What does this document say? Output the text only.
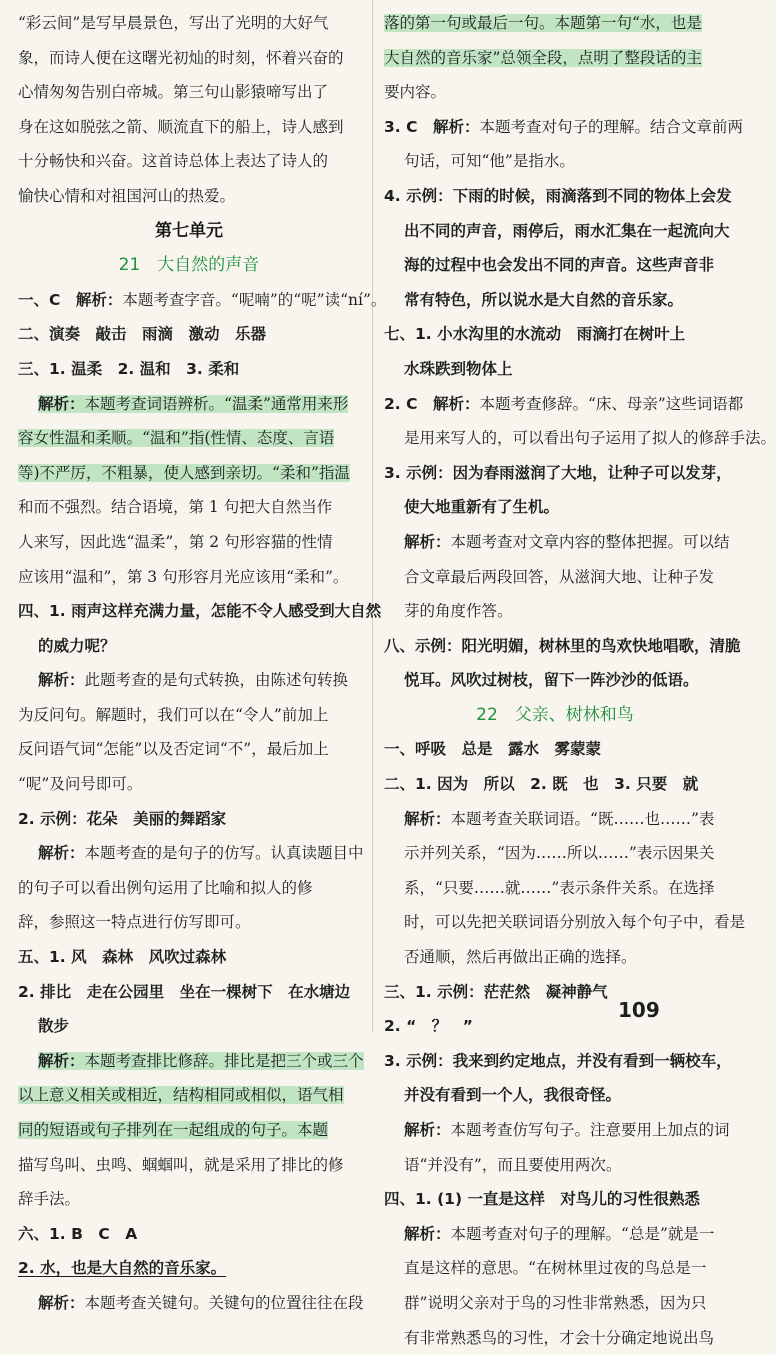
“彩云间”是写早晨景色，写出了光明的大好气
象，而诗人便在这曙光初灿的时刻，怀着兴奋的
心情匆匆告别白帝城。第三句山影猿啼写出了
身在这如脱弦之箭、顺流直下的船上，诗人感到
十分畅快和兴奋。这首诗总体上表达了诗人的
愉快心情和对祖国河山的热爱。
第七单元
21　大自然的声音
一、C　解析：本题考查字音。“呢喃”的“呢”读“ní”。
二、演奏　敲击　雨滴　激动　乐器
三、1. 温柔　2. 温和　3. 柔和
解析：本题考查词语辨析。“温柔”通常用来形
容女性温和柔顺。“温和”指(性情、态度、言语
等)不严厉，不粗暴，使人感到亲切。“柔和”指温
和而不强烈。结合语境，第 1 句把大自然当作
人来写，因此选“温柔”，第 2 句形容猫的性情
应该用“温和”，第 3 句形容月光应该用“柔和”。
四、1. 雨声这样充满力量，怎能不令人感受到大自然
的威力呢？
解析：此题考查的是句式转换，由陈述句转换
为反问句。解题时，我们可以在“令人”前加上
反问语气词“怎能”以及否定词“不”，最后加上
“呢”及问号即可。
2. 示例：花朵　美丽的舞蹈家
解析：本题考查的是句子的仿写。认真读题目中
的句子可以看出例句运用了比喻和拟人的修
辞，参照这一特点进行仿写即可。
五、1. 风　森林　风吹过森林
2. 排比　走在公园里　坐在一棵树下　在水塘边
散步
解析：本题考查排比修辞。排比是把三个或三个
以上意义相关或相近，结构相同或相似，语气相
同的短语或句子排列在一起组成的句子。本题
描写鸟叫、虫鸣、蝈蝈叫，就是采用了排比的修
辞手法。
六、1. B　C　A
2. 水，也是大自然的音乐家。
解析：本题考查关键句。关键句的位置往往在段
落的第一句或最后一句。本题第一句“水，也是
大自然的音乐家”总领全段，点明了整段话的主
要内容。
3. C　解析：本题考查对句子的理解。结合文章前两
句话，可知“他”是指水。
4. 示例：下雨的时候，雨滴落到不同的物体上会发
出不同的声音，雨停后，雨水汇集在一起流向大
海的过程中也会发出不同的声音。这些声音非
常有特色，所以说水是大自然的音乐家。
七、1. 小水沟里的水流动　雨滴打在树叶上
水珠跌到物体上
2. C　解析：本题考查修辞。“床、母亲”这些词语都
是用来写人的，可以看出句子运用了拟人的修辞手法。
3. 示例：因为春雨滋润了大地，让种子可以发芽，
使大地重新有了生机。
解析：本题考查对文章内容的整体把握。可以结
合文章最后两段回答，从滋润大地、让种子发
芽的角度作答。
八、示例：阳光明媚，树林里的鸟欢快地唱歌，清脆
悦耳。风吹过树枝，留下一阵沙沙的低语。
22　父亲、树林和鸟
一、呼吸　总是　露水　雾蒙蒙
二、1. 因为　所以　2. 既　也　3. 只要　就
解析：本题考查关联词语。“既……也……”表
示并列关系，“因为……所以……”表示因果关
系，“只要……就……”表示条件关系。在选择
时，可以先把关联词语分别放入每个句子中，看是
否通顺，然后再做出正确的选择。
三、1. 示例：茫茫然　凝神静气
2. “　？　”
3. 示例：我来到约定地点，并没有看到一辆校车，
并没有看到一个人，我很奇怪。
解析：本题考查仿写句子。注意要用上加点的词
语“并没有”，而且要使用两次。
四、1. (1) 一直是这样　对鸟儿的习性很熟悉
解析：本题考查对句子的理解。“总是”就是一
直是这样的意思。“在树林里过夜的鸟总是一
群”说明父亲对于鸟的习性非常熟悉，因为只
有非常熟悉鸟的习性，才会十分确定地说出鸟
109
